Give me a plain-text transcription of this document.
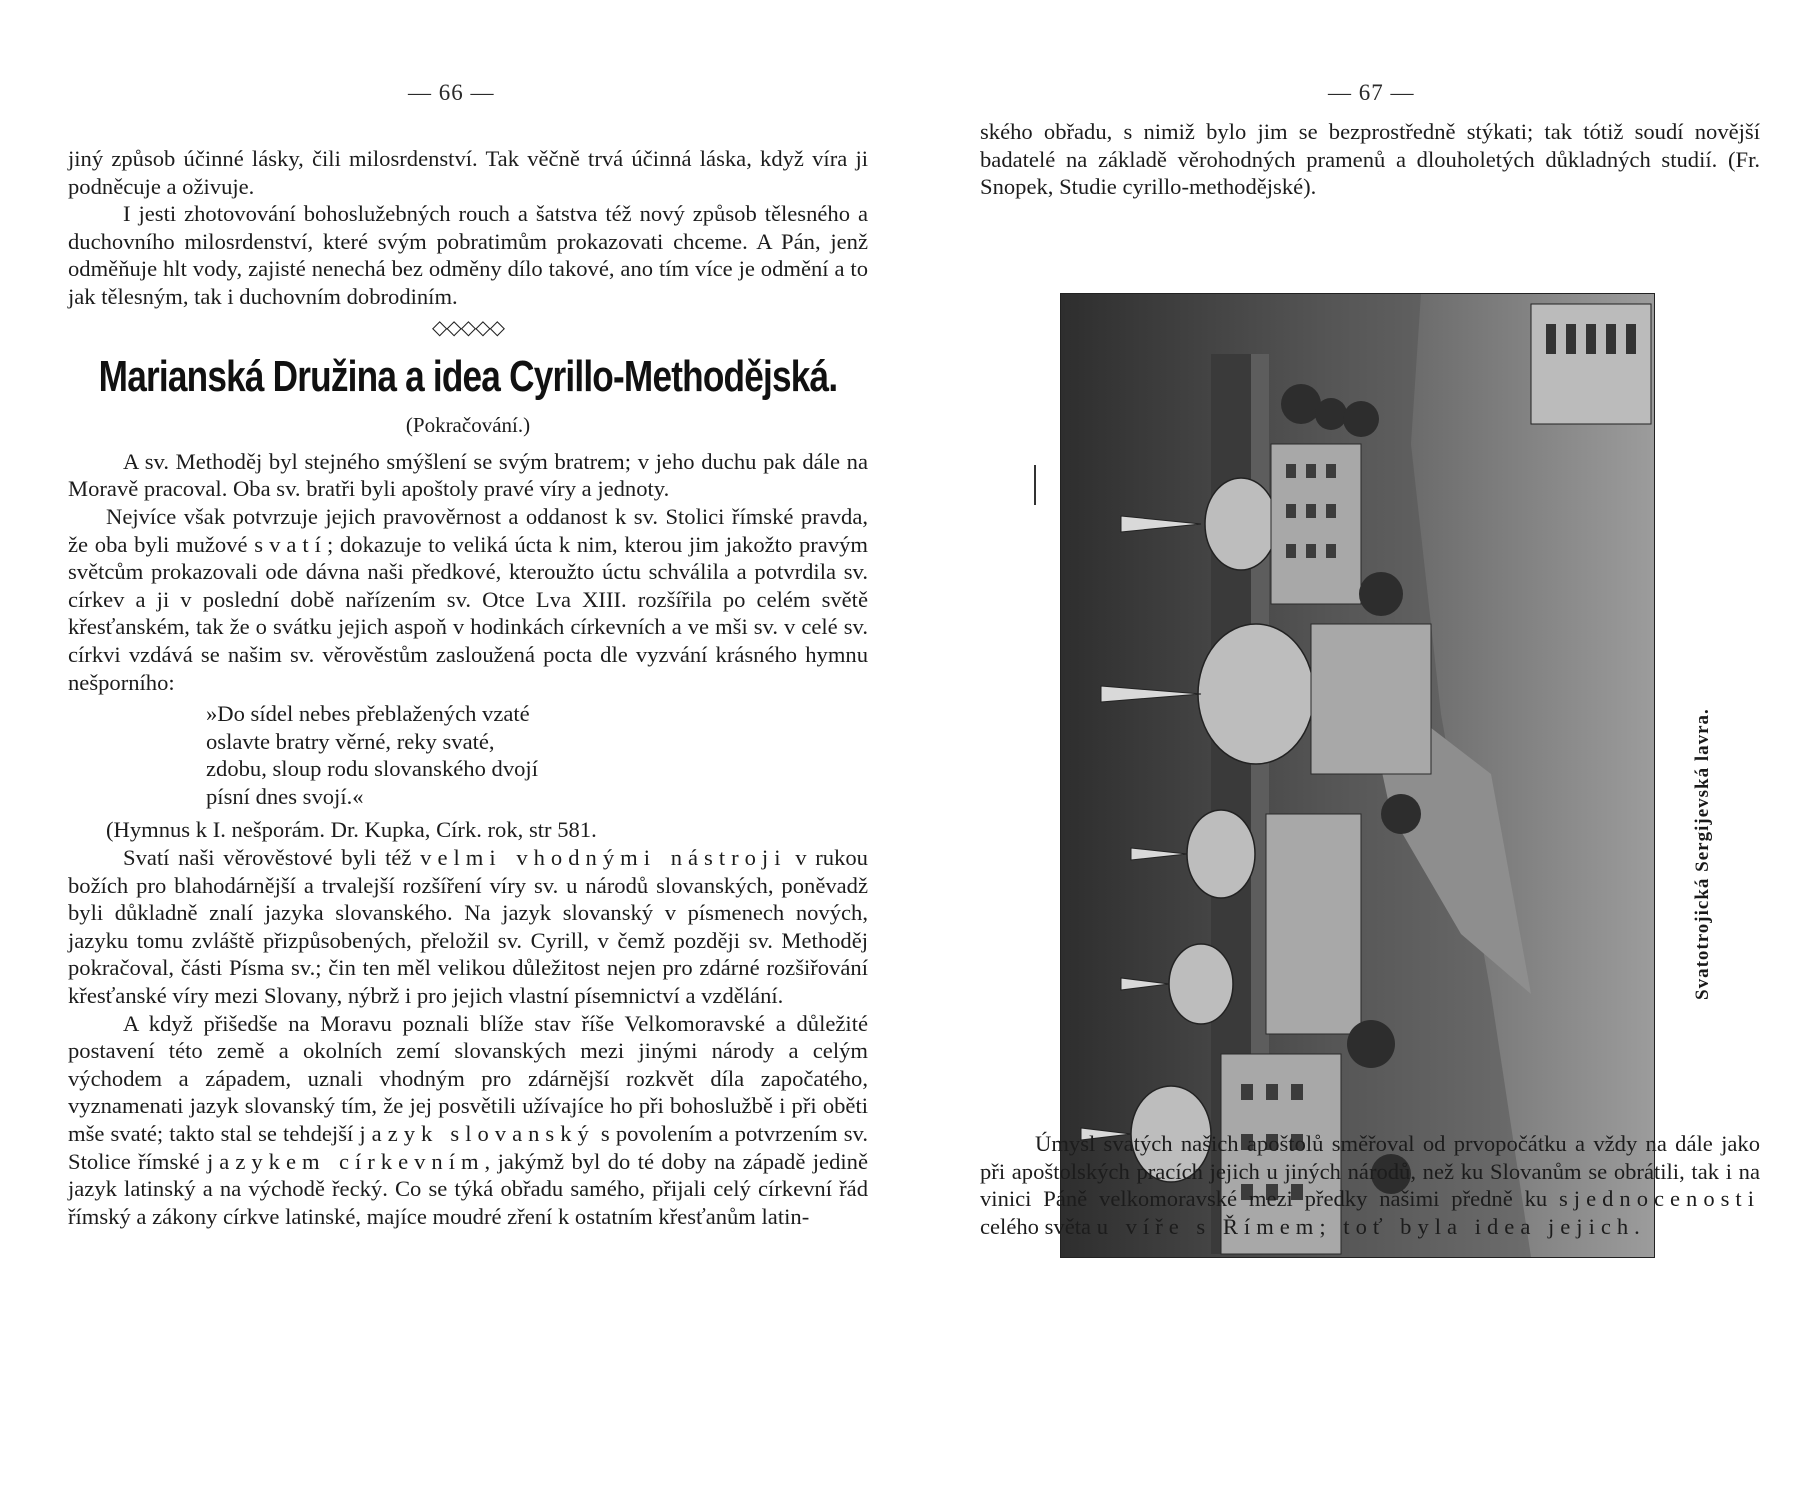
— 66 —

jiný způsob účinné lásky, čili milosrdenství. Tak věčně trvá účinná láska, když víra ji podněcuje a oživuje.

I jesti zhotovování bohoslužebných rouch a šatstva též nový způsob tělesného a duchovního milosrdenství, které svým pobratimům prokazovati chceme. A Pán, jenž odměňuje hlt vody, zajisté nenechá bez odměny dílo takové, ano tím více je odmění a to jak tělesným, tak i duchovním dobrodiním.

◇◇◇◇◇
Marianská Družina a idea Cyrillo-Methodějská.
(Pokračování.)

A sv. Methoděj byl stejného smýšlení se svým bratrem; v jeho duchu pak dále na Moravě pracoval. Oba sv. bratři byli apoštoly pravé víry a jednoty.

Nejvíce však potvrzuje jejich pravověrnost a oddanost k sv. Stolici římské pravda, že oba byli mužové svatí; dokazuje to veliká úcta k nim, kterou jim jakožto pravým světcům prokazovali ode dávna naši předkové, kteroužto úctu schválila a potvrdila sv. církev a ji v poslední době nařízením sv. Otce Lva XIII. rozšířila po celém světě křesťanském, tak že o svátku jejich aspoň v hodinkách církevních a ve mši sv. v celé sv. církvi vzdává se našim sv. věrověstům zasloužená pocta dle vyzvání krásného hymnu nešporního:

»Do sídel nebes přeblažených vzaté
oslavte bratry věrné, reky svaté,
zdobu, sloup rodu slovanského dvojí
písní dnes svojí.«
(Hymnus k I. nešporám. Dr. Kupka, Círk. rok, str 581.

Svatí naši věrověstové byli též velmi vhodnými nástroji v rukou božích pro blahodárnější a trvalejší rozšíření víry sv. u národů slovanských, poněvadž byli důkladně znalí jazyka slovanského. Na jazyk slovanský v písmenech nových, jazyku tomu zvláště přizpůsobených, přeložil sv. Cyrill, v čemž později sv. Methoděj pokračoval, části Písma sv.; čin ten měl velikou důležitost nejen pro zdárné rozšiřování křesťanské víry mezi Slovany, nýbrž i pro jejich vlastní písemnictví a vzdělání.

A když přišedše na Moravu poznali blíže stav říše Velkomoravské a důležité postavení této země a okolních zemí slovanských mezi jinými národy a celým východem a západem, uznali vhodným pro zdárnější rozkvět díla započatého, vyznamenati jazyk slovanský tím, že jej posvětili užívajíce ho při bohoslužbě i při oběti mše svaté; takto stal se tehdejší jazyk slovanský s povolením a potvrzením sv. Stolice římské jazykem církevním, jakýmž byl do té doby na západě jedině jazyk latinský a na východě řecký. Co se týká obřadu samého, přijali celý církevní řád římský a zákony církve latinské, majíce moudré zření k ostatním křesťanům latin-

— 67 —

ského obřadu, s nimiž bylo jim se bezprostředně stýkati; tak tótiž soudí novější badatelé na základě věrohodných pramenů a dlouholetých důkladných studií. (Fr. Snopek, Studie cyrillo-methodějské).

Svatotrojická Sergijevská lavra.

Úmysl svatých našich apoštolů směřoval od prvopočátku a vždy na dále jako při apoštolských pracích jejich u jiných národů, než ku Slovanům se obrátili, tak i na vinici Páně velkomoravské mezi předky našimi předně ku sjednocenosti celého světa u víře s Římem; toť byla idea jejich.
